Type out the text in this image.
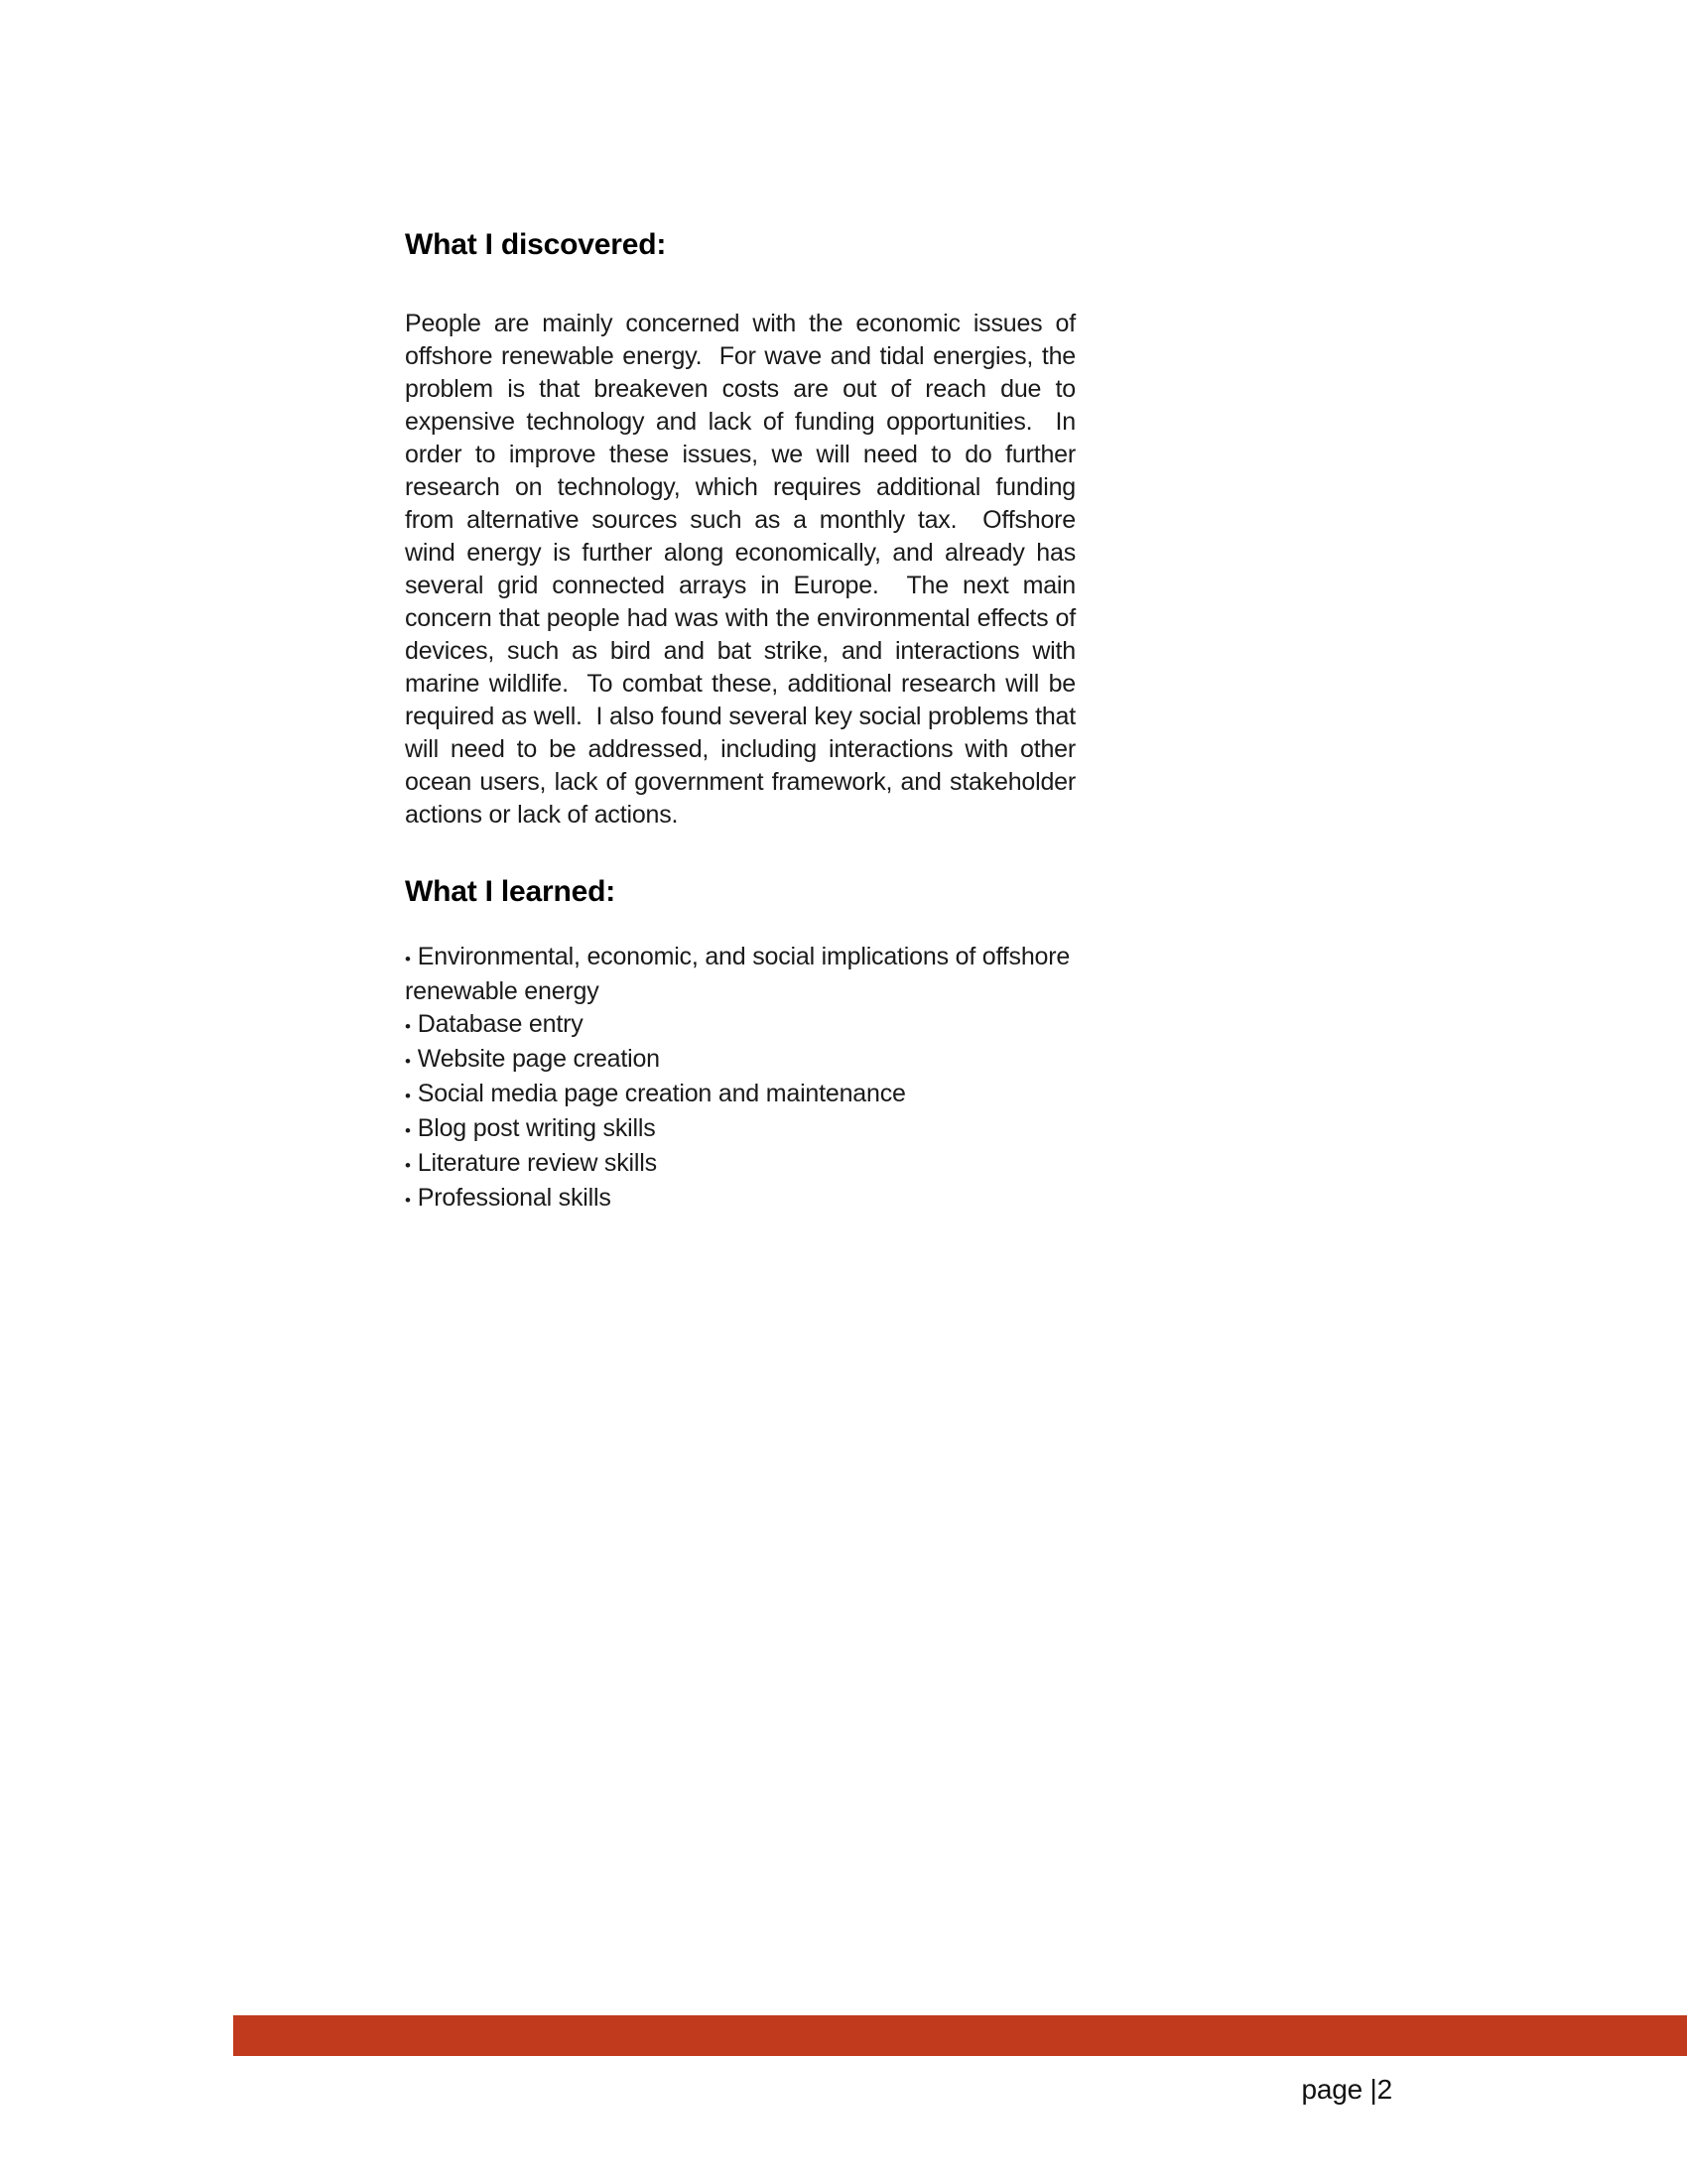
What I discovered:

People are mainly concerned with the economic issues of offshore renewable energy.  For wave and tidal energies, the problem is that breakeven costs are out of reach due to expensive technology and lack of funding opportunities.  In order to improve these issues, we will need to do further research on technology, which requires additional funding from alternative sources such as a monthly tax.  Offshore wind energy is further along economically, and already has several grid connected arrays in Europe.  The next main concern that people had was with the environmental effects of devices, such as bird and bat strike, and interactions with marine wildlife.  To combat these, additional research will be required as well.  I also found several key social problems that will need to be addressed, including interactions with other ocean users, lack of government framework, and stakeholder actions or lack of actions.

What I learned:
• Environmental, economic, and social implications of offshore renewable energy
• Database entry
• Website page creation
• Social media page creation and maintenance
• Blog post writing skills
• Literature review skills
• Professional skills
page |2
